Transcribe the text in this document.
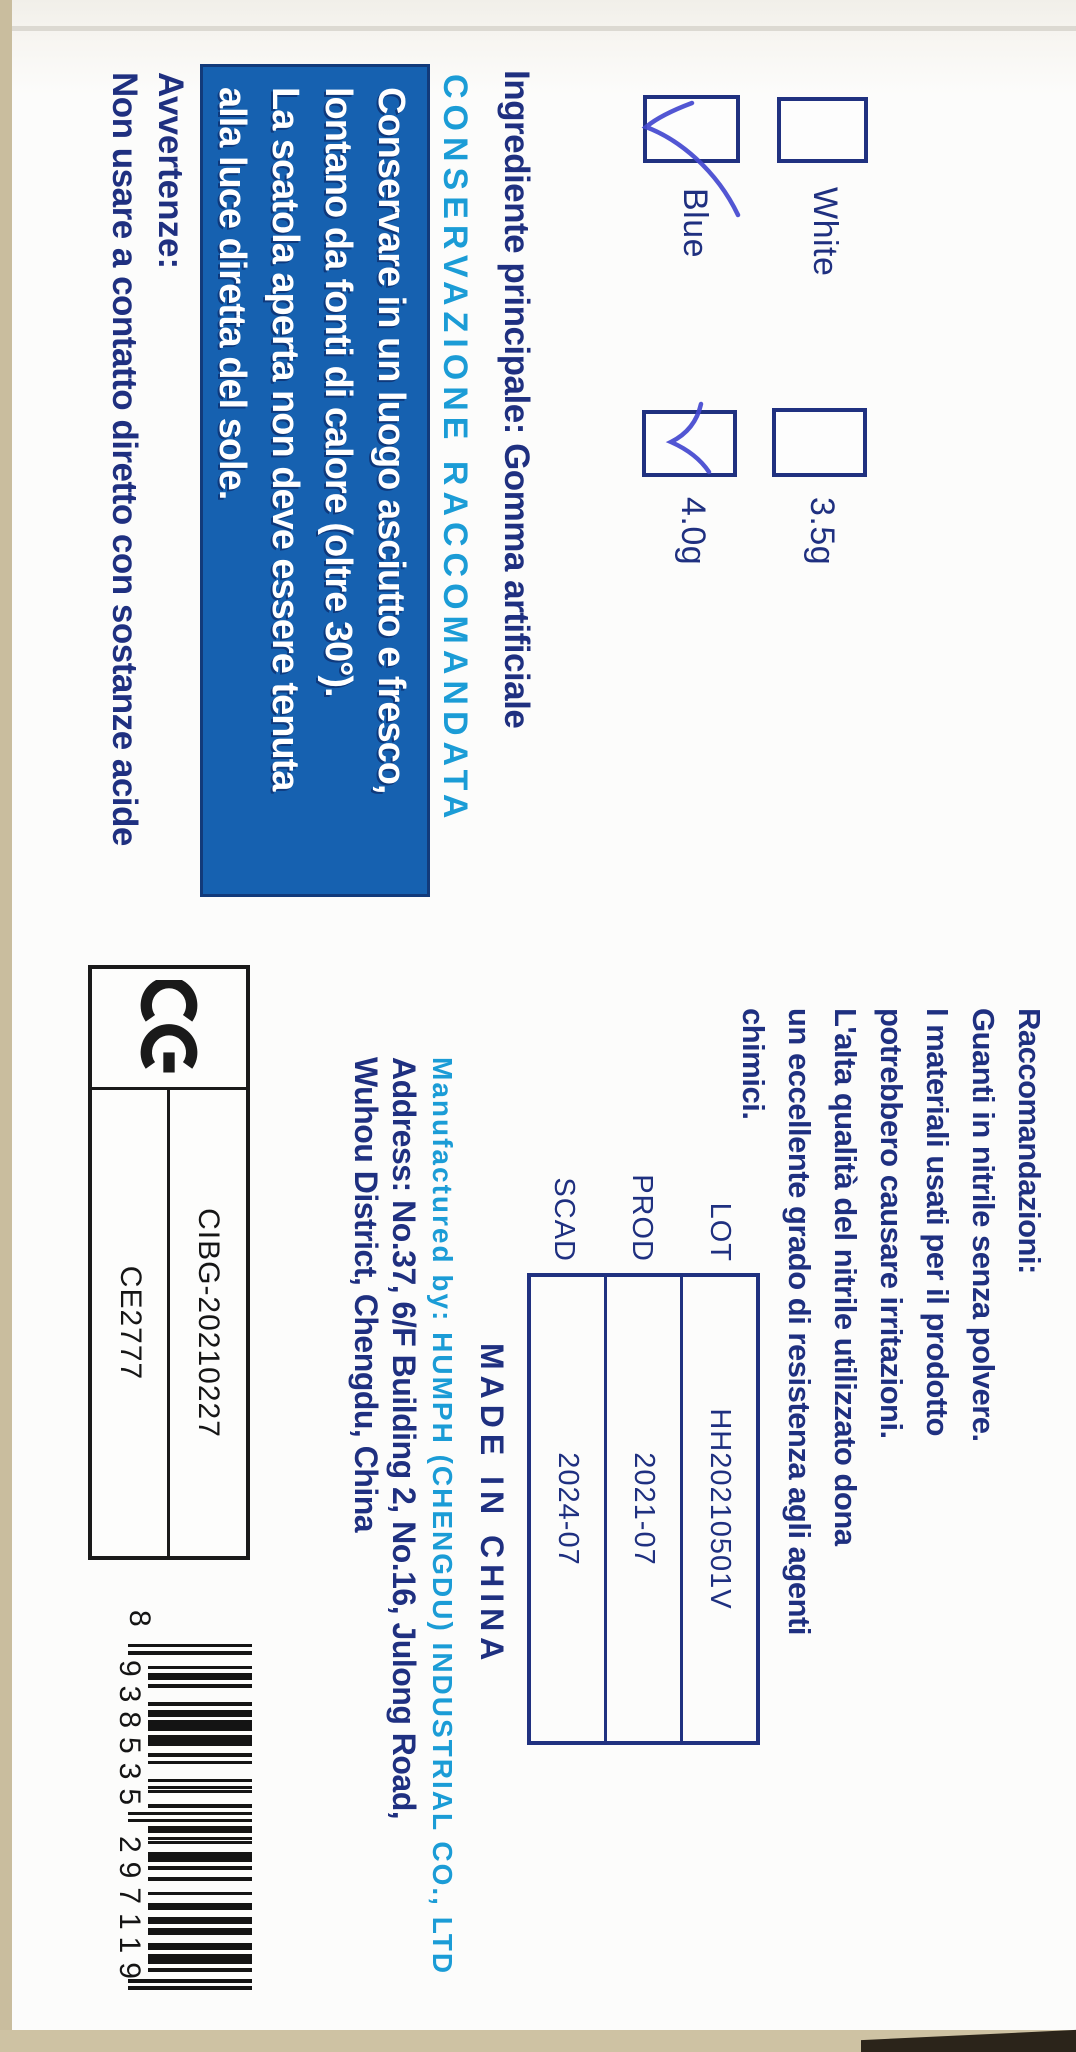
White
Blue
3.5g
4.0g
Ingrediente principale: Gomma artificiale
CONSERVAZIONE RACCOMANDATA
Conservare in un luogo asciutto e fresco,
lontano da fonti di calore (oltre 30°).
La scatola aperta non deve essere tenuta
alla luce diretta del sole.
Avvertenze:
Non usare a contatto diretto con sostanze acide
Raccomandazioni:
Guanti in nitrile senza polvere.
I materiali usati per il prodotto
potrebbero causare irritazioni.
L'alta qualità del nitrile utilizzato dona
un eccellente grado di resistenza agli agenti
chimici.
LOT
PROD
SCAD
HH20210501V
2021-07
2024-07
MADE IN CHINA
Manufactured by: HUMPH (CHENGDU) INDUSTRIAL CO., LTD
Address: No.37, 6/F Building 2, No.16, Julong Road,
Wuhou District, Chengdu, China
CIBG-20210227
CE2777
8
938535
297119
